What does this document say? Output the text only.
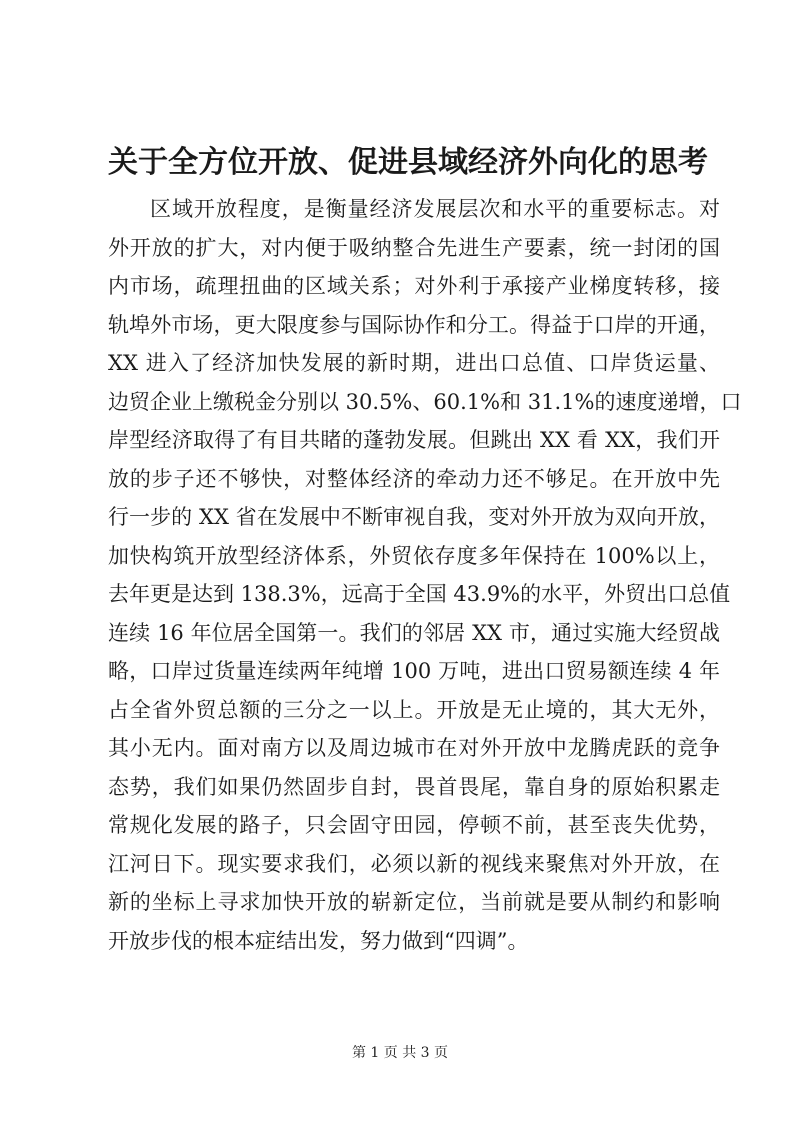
关于全方位开放、促进县域经济外向化的思考
区域开放程度，是衡量经济发展层次和水平的重要标志。对
外开放的扩大，对内便于吸纳整合先进生产要素，统一封闭的国
内市场，疏理扭曲的区域关系；对外利于承接产业梯度转移，接
轨埠外市场，更大限度参与国际协作和分工。得益于口岸的开通，
XX 进入了经济加快发展的新时期，进出口总值、口岸货运量、
边贸企业上缴税金分别以 30.5%、60.1%和 31.1%的速度递增，口
岸型经济取得了有目共睹的蓬勃发展。但跳出 XX 看 XX，我们开
放的步子还不够快，对整体经济的牵动力还不够足。在开放中先
行一步的 XX 省在发展中不断审视自我，变对外开放为双向开放，
加快构筑开放型经济体系，外贸依存度多年保持在 100%以上，
去年更是达到 138.3%，远高于全国 43.9%的水平，外贸出口总值
连续 16 年位居全国第一。我们的邻居 XX 市，通过实施大经贸战
略，口岸过货量连续两年纯增 100 万吨，进出口贸易额连续 4 年
占全省外贸总额的三分之一以上。开放是无止境的，其大无外，
其小无内。面对南方以及周边城市在对外开放中龙腾虎跃的竞争
态势，我们如果仍然固步自封，畏首畏尾，靠自身的原始积累走
常规化发展的路子，只会固守田园，停顿不前，甚至丧失优势，
江河日下。现实要求我们，必须以新的视线来聚焦对外开放，在
新的坐标上寻求加快开放的崭新定位，当前就是要从制约和影响
开放步伐的根本症结出发，努力做到“四调”。
第 1 页 共 3 页
